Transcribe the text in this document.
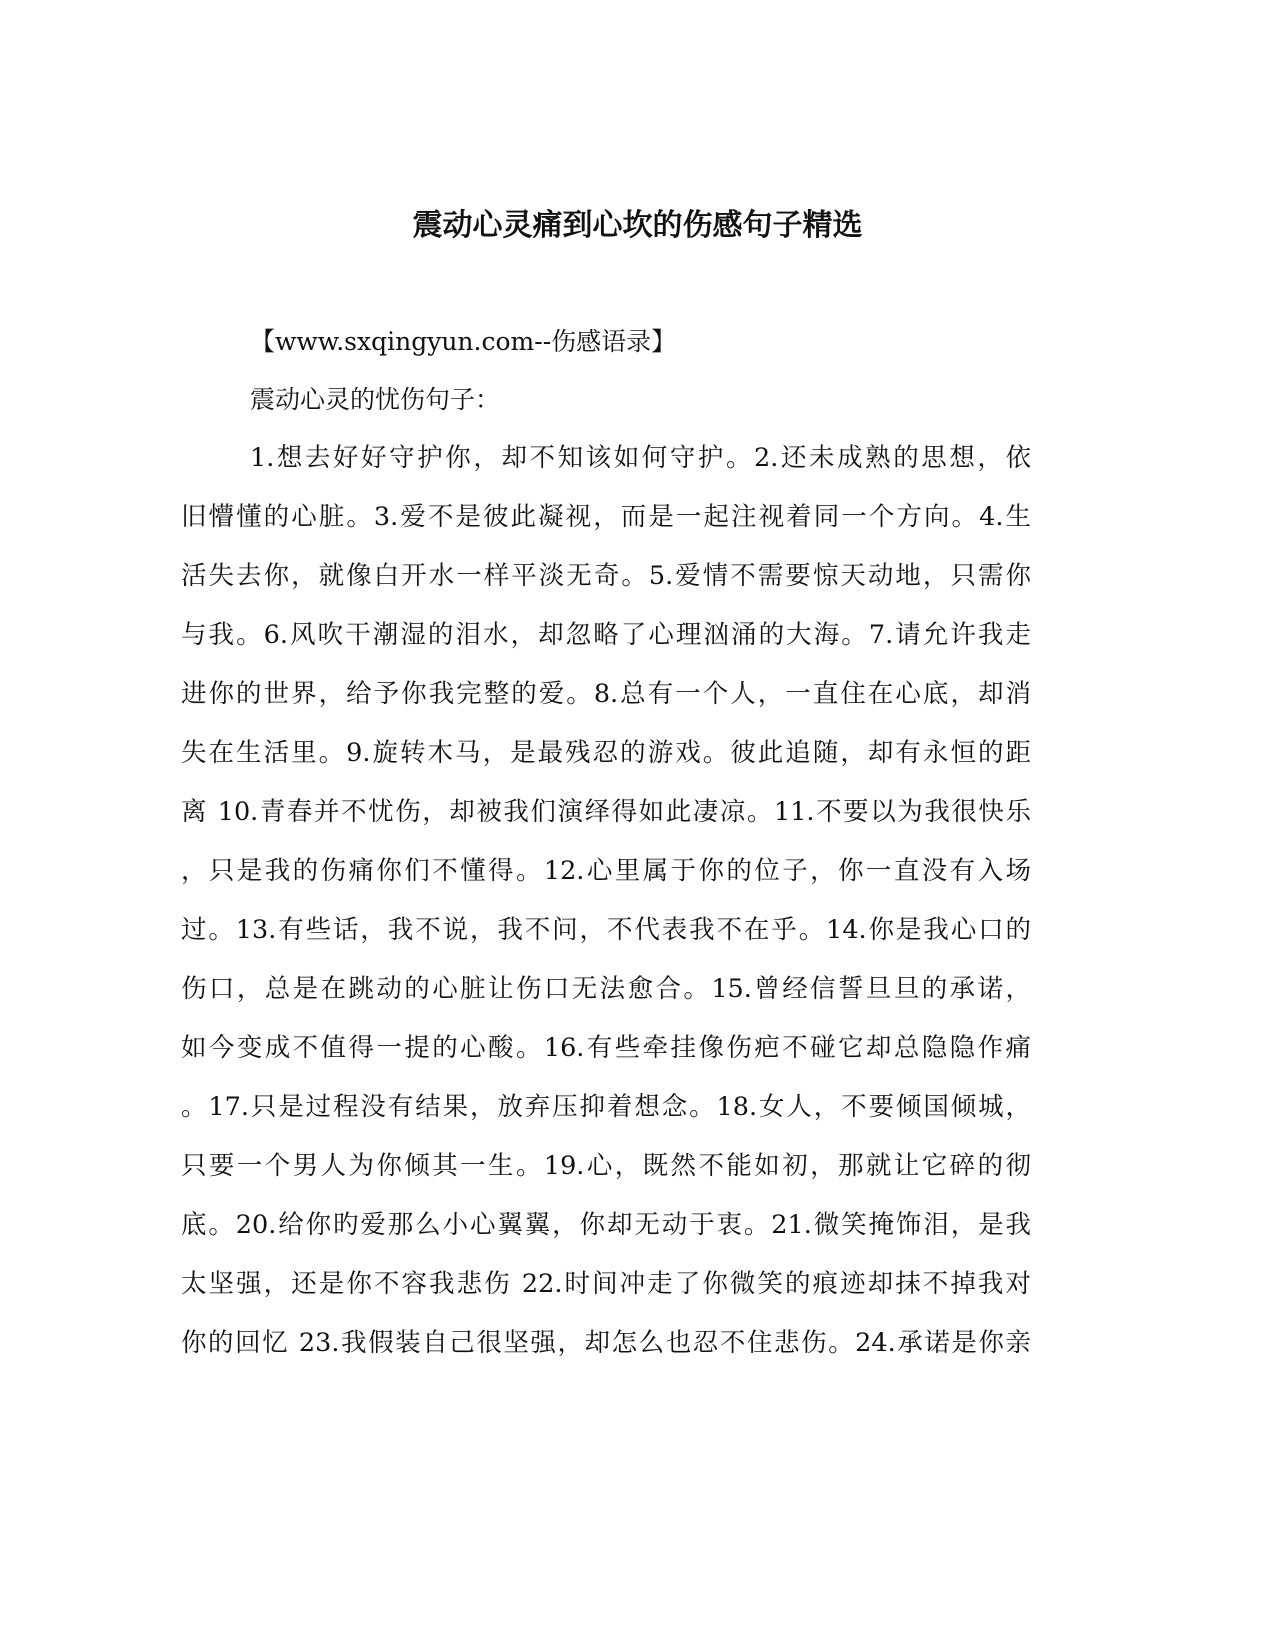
震动心灵痛到心坎的伤感句子精选
【www.sxqingyun.com--伤感语录】
震动心灵的忧伤句子：
1.想去好好守护你，却不知该如何守护。2.还未成熟的思想，依
旧懵懂的心脏。3.爱不是彼此凝视，而是一起注视着同一个方向。4.生
活失去你，就像白开水一样平淡无奇。5.爱情不需要惊天动地，只需你
与我。6.风吹干潮湿的泪水，却忽略了心理汹涌的大海。7.请允许我走
进你的世界，给予你我完整的爱。8.总有一个人，一直住在心底，却消
失在生活里。9.旋转木马，是最残忍的游戏。彼此追随，却有永恒的距
离 10.青春并不忧伤，却被我们演绎得如此凄凉。11.不要以为我很快乐
，只是我的伤痛你们不懂得。12.心里属于你的位子，你一直没有入场
过。13.有些话，我不说，我不问，不代表我不在乎。14.你是我心口的
伤口，总是在跳动的心脏让伤口无法愈合。15.曾经信誓旦旦的承诺，
如今变成不值得一提的心酸。16.有些牵挂像伤疤不碰它却总隐隐作痛
。17.只是过程没有结果，放弃压抑着想念。18.女人，不要倾国倾城，
只要一个男人为你倾其一生。19.心，既然不能如初，那就让它碎的彻
底。20.给你旳爱那么小心翼翼，你却无动于衷。21.微笑掩饰泪，是我
太坚强，还是你不容我悲伤 22.时间冲走了你微笑的痕迹却抹不掉我对
你的回忆 23.我假装自己很坚强，却怎么也忍不住悲伤。24.承诺是你亲
